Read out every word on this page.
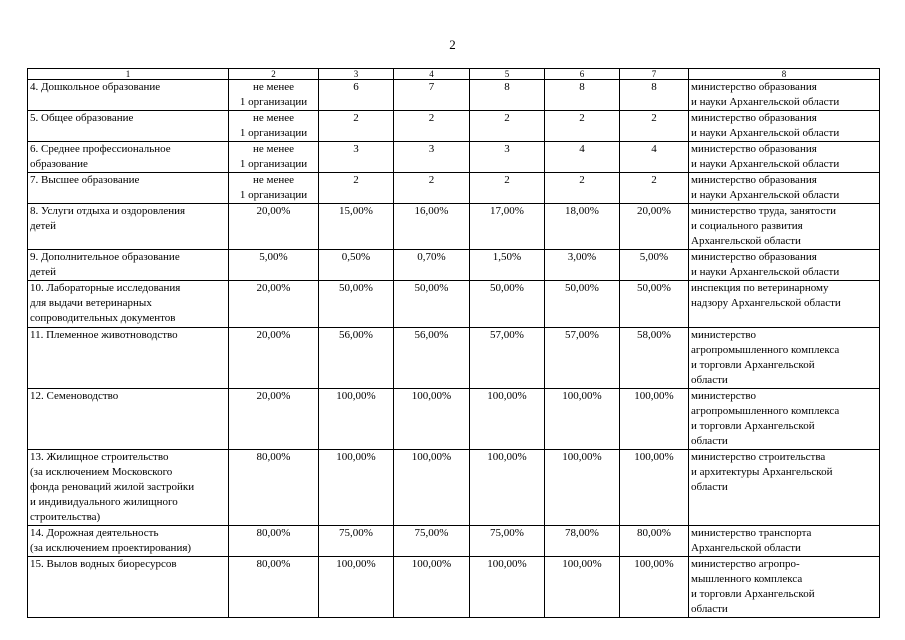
2
1	2	3	4	5	6	7	8
4. Дошкольное образование	не менее
1 организации	6	7	8	8	8	министерство образования
и науки Архангельской области
5. Общее образование	не менее
1 организации	2	2	2	2	2	министерство образования
и науки Архангельской области
6. Среднее профессиональное
образование	не менее
1 организации	3	3	3	4	4	министерство образования
и науки Архангельской области
7. Высшее образование	не менее
1 организации	2	2	2	2	2	министерство образования
и науки Архангельской области
8. Услуги отдыха и оздоровления
детей	20,00%	15,00%	16,00%	17,00%	18,00%	20,00%	министерство труда, занятости
и социального развития
Архангельской области
9. Дополнительное образование
детей	5,00%	0,50%	0,70%	1,50%	3,00%	5,00%	министерство образования
и науки Архангельской области
10. Лабораторные исследования
для выдачи ветеринарных
сопроводительных документов	20,00%	50,00%	50,00%	50,00%	50,00%	50,00%	инспекция по ветеринарному
надзору Архангельской области
11. Племенное животноводство	20,00%	56,00%	56,00%	57,00%	57,00%	58,00%	министерство
агропромышленного комплекса
и торговли Архангельской
области
12. Семеноводство	20,00%	100,00%	100,00%	100,00%	100,00%	100,00%	министерство
агропромышленного комплекса
и торговли Архангельской
области
13. Жилищное строительство
(за исключением Московского
фонда реноваций жилой застройки
и индивидуального жилищного
строительства)	80,00%	100,00%	100,00%	100,00%	100,00%	100,00%	министерство строительства
и архитектуры Архангельской
области
14. Дорожная деятельность
(за исключением проектирования)	80,00%	75,00%	75,00%	75,00%	78,00%	80,00%	министерство транспорта
Архангельской области
15. Вылов водных биоресурсов	80,00%	100,00%	100,00%	100,00%	100,00%	100,00%	министерство агропро-
мышленного комплекса
и торговли Архангельской
области
